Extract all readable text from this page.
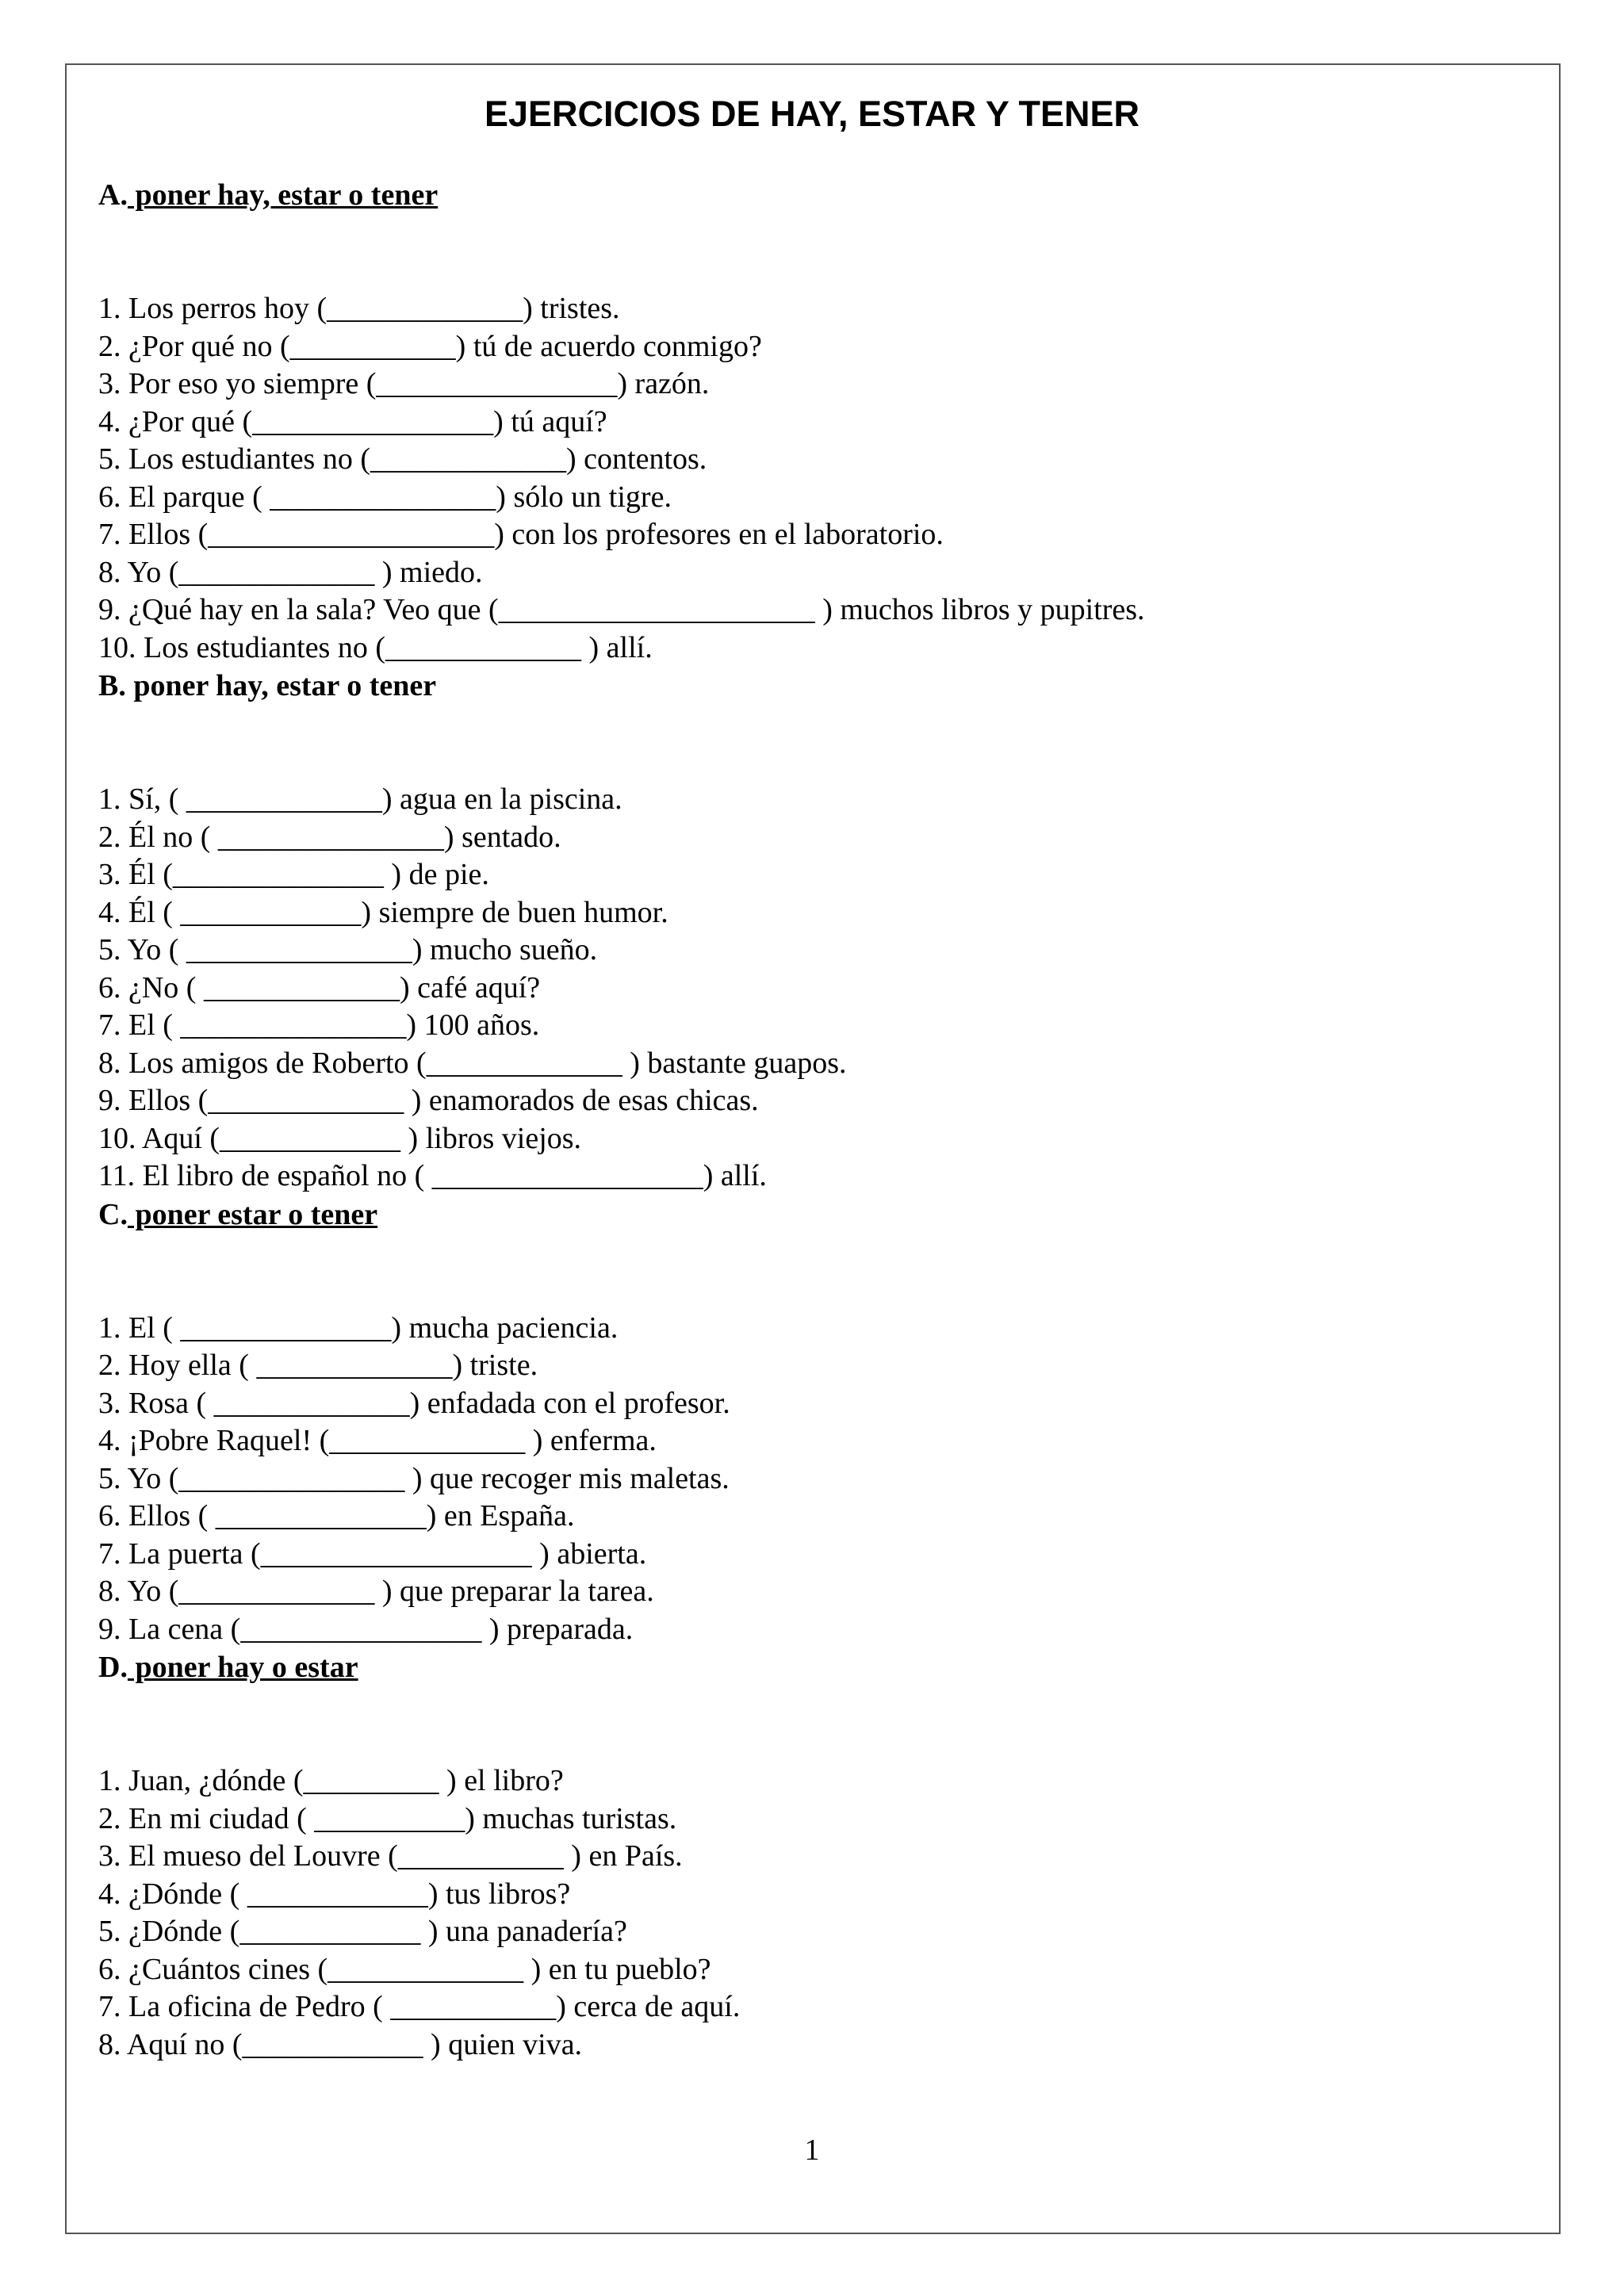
EJERCICIOS DE HAY, ESTAR Y TENER
A. poner hay, estar o tener
1. Los perros hoy (_____________) tristes.
2. ¿Por qué no (___________) tú de acuerdo conmigo?
3. Por eso yo siempre (________________) razón.
4. ¿Por qué (________________) tú aquí?
5. Los estudiantes no (_____________) contentos.
6. El parque ( _______________) sólo un tigre.
7. Ellos (___________________) con los profesores en el laboratorio.
8. Yo (_____________ ) miedo.
9. ¿Qué hay en la sala? Veo que (_____________________ ) muchos libros y pupitres.
10. Los estudiantes no (_____________ ) allí.
B. poner hay, estar o tener
1. Sí, ( _____________) agua en la piscina.
2. Él no ( _______________) sentado.
3. Él (______________ ) de pie.
4. Él ( ____________) siempre de buen humor.
5. Yo ( _______________) mucho sueño.
6. ¿No ( _____________) café aquí?
7. El ( _______________) 100 años.
8. Los amigos de Roberto (_____________ ) bastante guapos.
9. Ellos (_____________ ) enamorados de esas chicas.
10. Aquí (____________ ) libros viejos.
11. El libro de español no ( __________________) allí.
C. poner estar o tener
1. El ( ______________) mucha paciencia.
2. Hoy ella ( _____________) triste.
3. Rosa ( _____________) enfadada con el profesor.
4. ¡Pobre Raquel! (_____________ ) enferma.
5. Yo (_______________ ) que recoger mis maletas.
6. Ellos ( ______________) en España.
7. La puerta (__________________ ) abierta.
8. Yo (_____________ ) que preparar la tarea.
9. La cena (________________ ) preparada.
D. poner hay o estar
1. Juan, ¿dónde (_________ ) el libro?
2. En mi ciudad ( __________) muchas turistas.
3. El mueso del Louvre (___________ ) en País.
4. ¿Dónde ( ____________) tus libros?
5. ¿Dónde (____________ ) una panadería?
6. ¿Cuántos cines (_____________ ) en tu pueblo?
7. La oficina de Pedro ( ___________) cerca de aquí.
8. Aquí no (____________ ) quien viva.
1
